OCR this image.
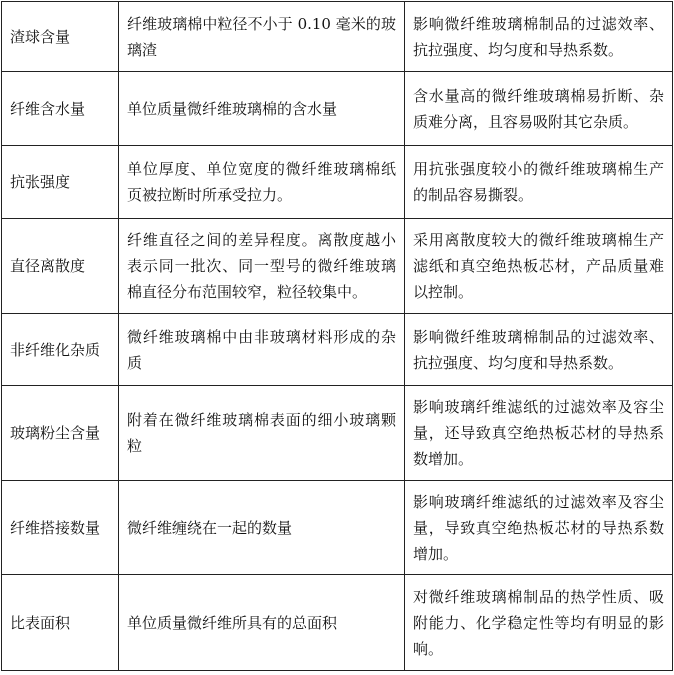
渣球含量	纤维玻璃棉中粒径不小于 0.10 毫米的玻璃渣	影响微纤维玻璃棉制品的过滤效率、抗拉强度、均匀度和导热系数。
纤维含水量	单位质量微纤维玻璃棉的含水量	含水量高的微纤维玻璃棉易折断、杂质难分离，且容易吸附其它杂质。
抗张强度	单位厚度、单位宽度的微纤维玻璃棉纸页被拉断时所承受拉力。	用抗张强度较小的微纤维玻璃棉生产的制品容易撕裂。
直径离散度	纤维直径之间的差异程度。离散度越小表示同一批次、同一型号的微纤维玻璃棉直径分布范围较窄，粒径较集中。	采用离散度较大的微纤维玻璃棉生产滤纸和真空绝热板芯材，产品质量难以控制。
非纤维化杂质	微纤维玻璃棉中由非玻璃材料形成的杂质	影响微纤维玻璃棉制品的过滤效率、抗拉强度、均匀度和导热系数。
玻璃粉尘含量	附着在微纤维玻璃棉表面的细小玻璃颗粒	影响玻璃纤维滤纸的过滤效率及容尘量，还导致真空绝热板芯材的导热系数增加。
纤维搭接数量	微纤维缠绕在一起的数量	影响玻璃纤维滤纸的过滤效率及容尘量，导致真空绝热板芯材的导热系数增加。
比表面积	单位质量微纤维所具有的总面积	对微纤维玻璃棉制品的热学性质、吸附能力、化学稳定性等均有明显的影响。
